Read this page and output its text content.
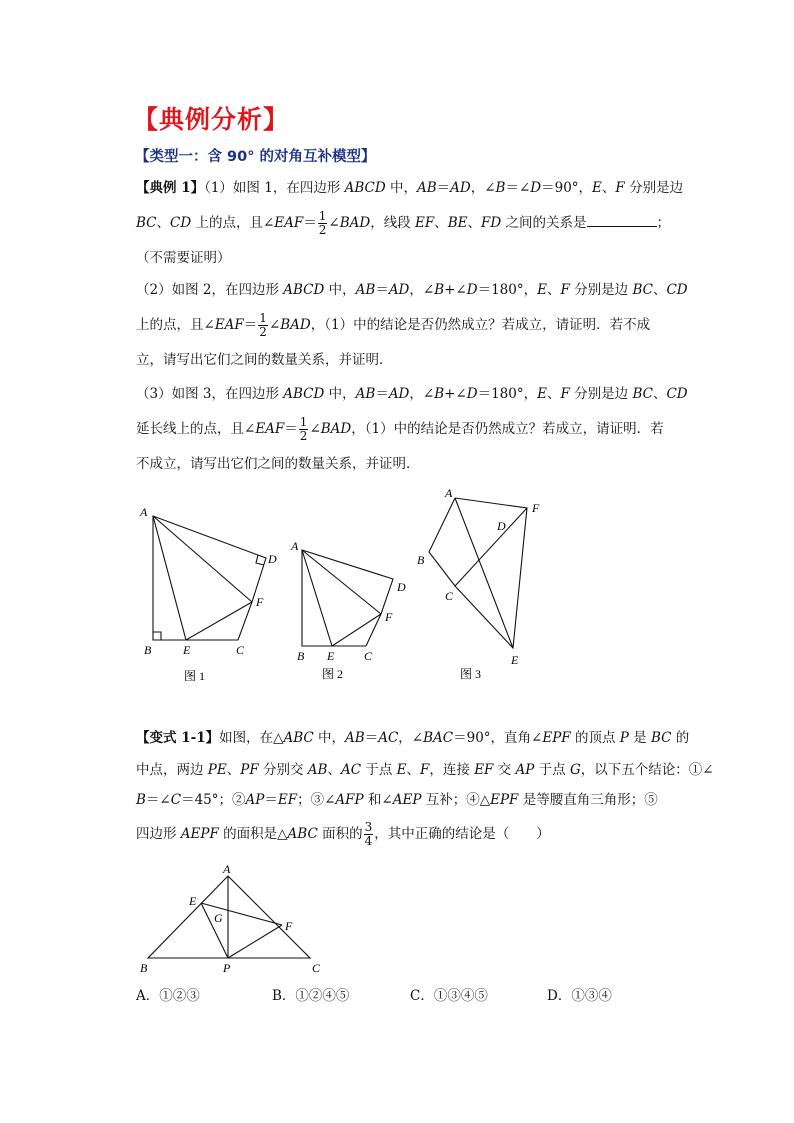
【典例分析】
【类型一：含 90° 的对角互补模型】
【典例 1】（1）如图 1，在四边形 ABCD 中，AB＝AD，∠B＝∠D＝90°，E、F 分别是边
BC、CD 上的点，且∠EAF＝ $\frac{1}{2}$ ∠BAD，线段 EF、BE、FD 之间的关系是	；
（不需要证明）
（2）如图 2，在四边形 ABCD 中，AB＝AD，∠B+∠D＝180°，E、F 分别是边 BC、CD
上的点，且∠EAF＝ $\frac{1}{2}$ ∠BAD，（1）中的结论是否仍然成立？若成立，请证明．若不成
立，请写出它们之间的数量关系，并证明．
（3）如图 3，在四边形 ABCD 中，AB＝AD，∠B+∠D＝180°，E、F 分别是边 BC、CD
延长线上的点，且∠EAF＝ $\frac{1}{2}$ ∠BAD，（1）中的结论是否仍然成立？若成立，请证明．若
不成立，请写出它们之间的数量关系，并证明．
A
B	E	C
F
D
图 1
A
B E C
F
D
图 2
A
F
D
B
C
E
图 3
A
E
G
F
B	P	C
【变式 1-1】如图，在△ABC 中，AB＝AC，∠BAC＝90°，直角∠EPF 的顶点 P 是 BC 的
中点，两边 PE、PF 分别交 AB、AC 于点 E、F，连接 EF 交 AP 于点 G，以下五个结论：①∠
B＝∠C＝45°；②AP＝EF；③∠AFP 和∠AEP 互补；④△EPF 是等腰直角三角形；⑤
四边形 AEPF 的面积是△ABC 面积的 $\frac{3}{4}$ ，其中正确的结论是（　　）
A．①②③	B．①②④⑤	C．①③④⑤	D．①③④
